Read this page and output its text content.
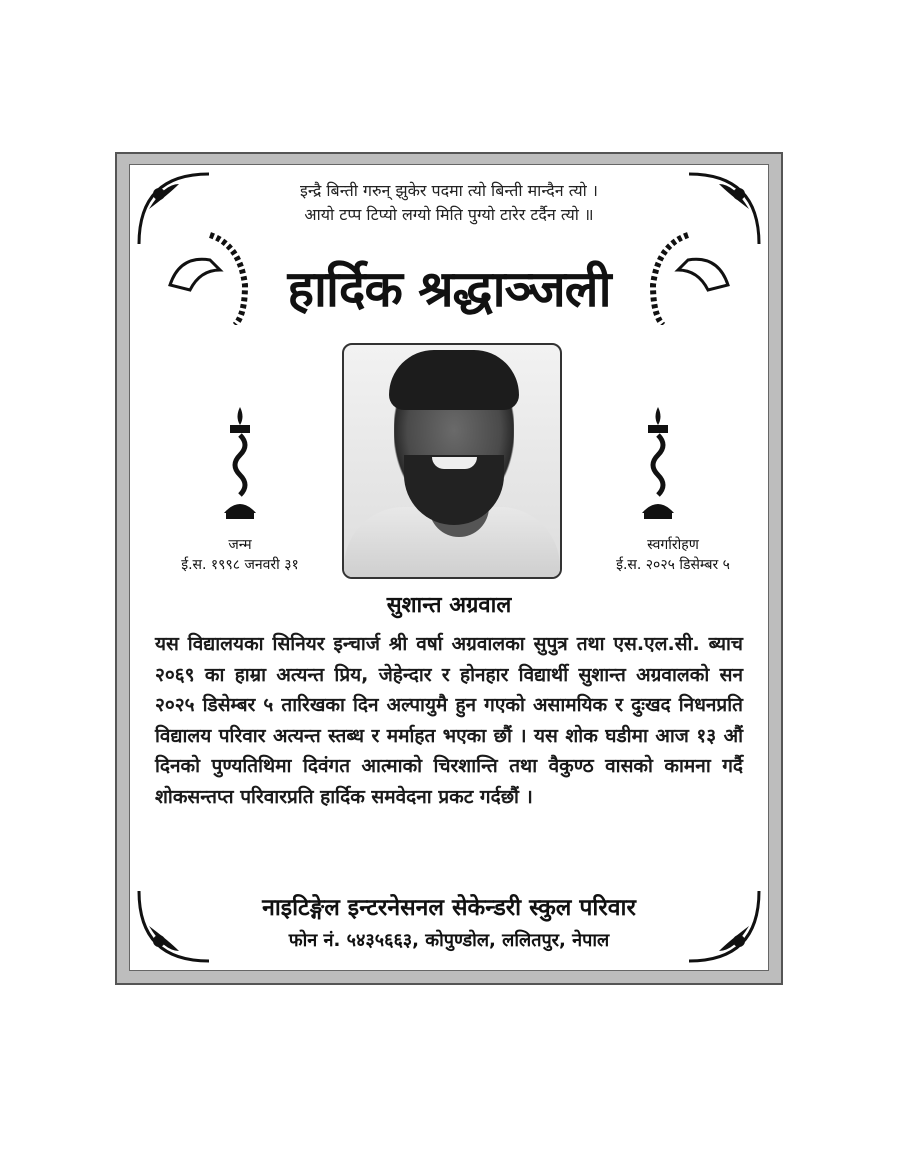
इन्द्रै बिन्ती गरुन् झुकेर पदमा त्यो बिन्ती मान्दैन त्यो ।
आयो टप्प टिप्यो लग्यो मिति पुग्यो टारेर टर्दैन त्यो ॥
हार्दिक श्रद्धाञ्जली
जन्म
ई.स. १९९८ जनवरी ३१
स्वर्गारोहण
ई.स. २०२५ डिसेम्बर ५
सुशान्त अग्रवाल
यस विद्यालयका सिनियर इन्चार्ज श्री वर्षा अग्रवालका सुपुत्र तथा एस.एल.सी. ब्याच २०६९ का हाम्रा अत्यन्त प्रिय, जेहेन्दार र होनहार विद्यार्थी सुशान्त अग्रवालको सन २०२५ डिसेम्बर ५ तारिखका दिन अल्पायुमै हुन गएको असामयिक र दुःखद निधनप्रति विद्यालय परिवार अत्यन्त स्तब्ध र मर्माहत भएका छौं । यस शोक घडीमा आज १३ औं दिनको पुण्यतिथिमा दिवंगत आत्माको चिरशान्ति तथा वैकुण्ठ वासको कामना गर्दै शोकसन्तप्त परिवारप्रति हार्दिक समवेदना प्रकट गर्दछौं ।
नाइटिङ्गेल इन्टरनेसनल सेकेन्डरी स्कुल परिवार
फोन नं. ५४३५६६३, कोपुण्डोल, ललितपुर, नेपाल
